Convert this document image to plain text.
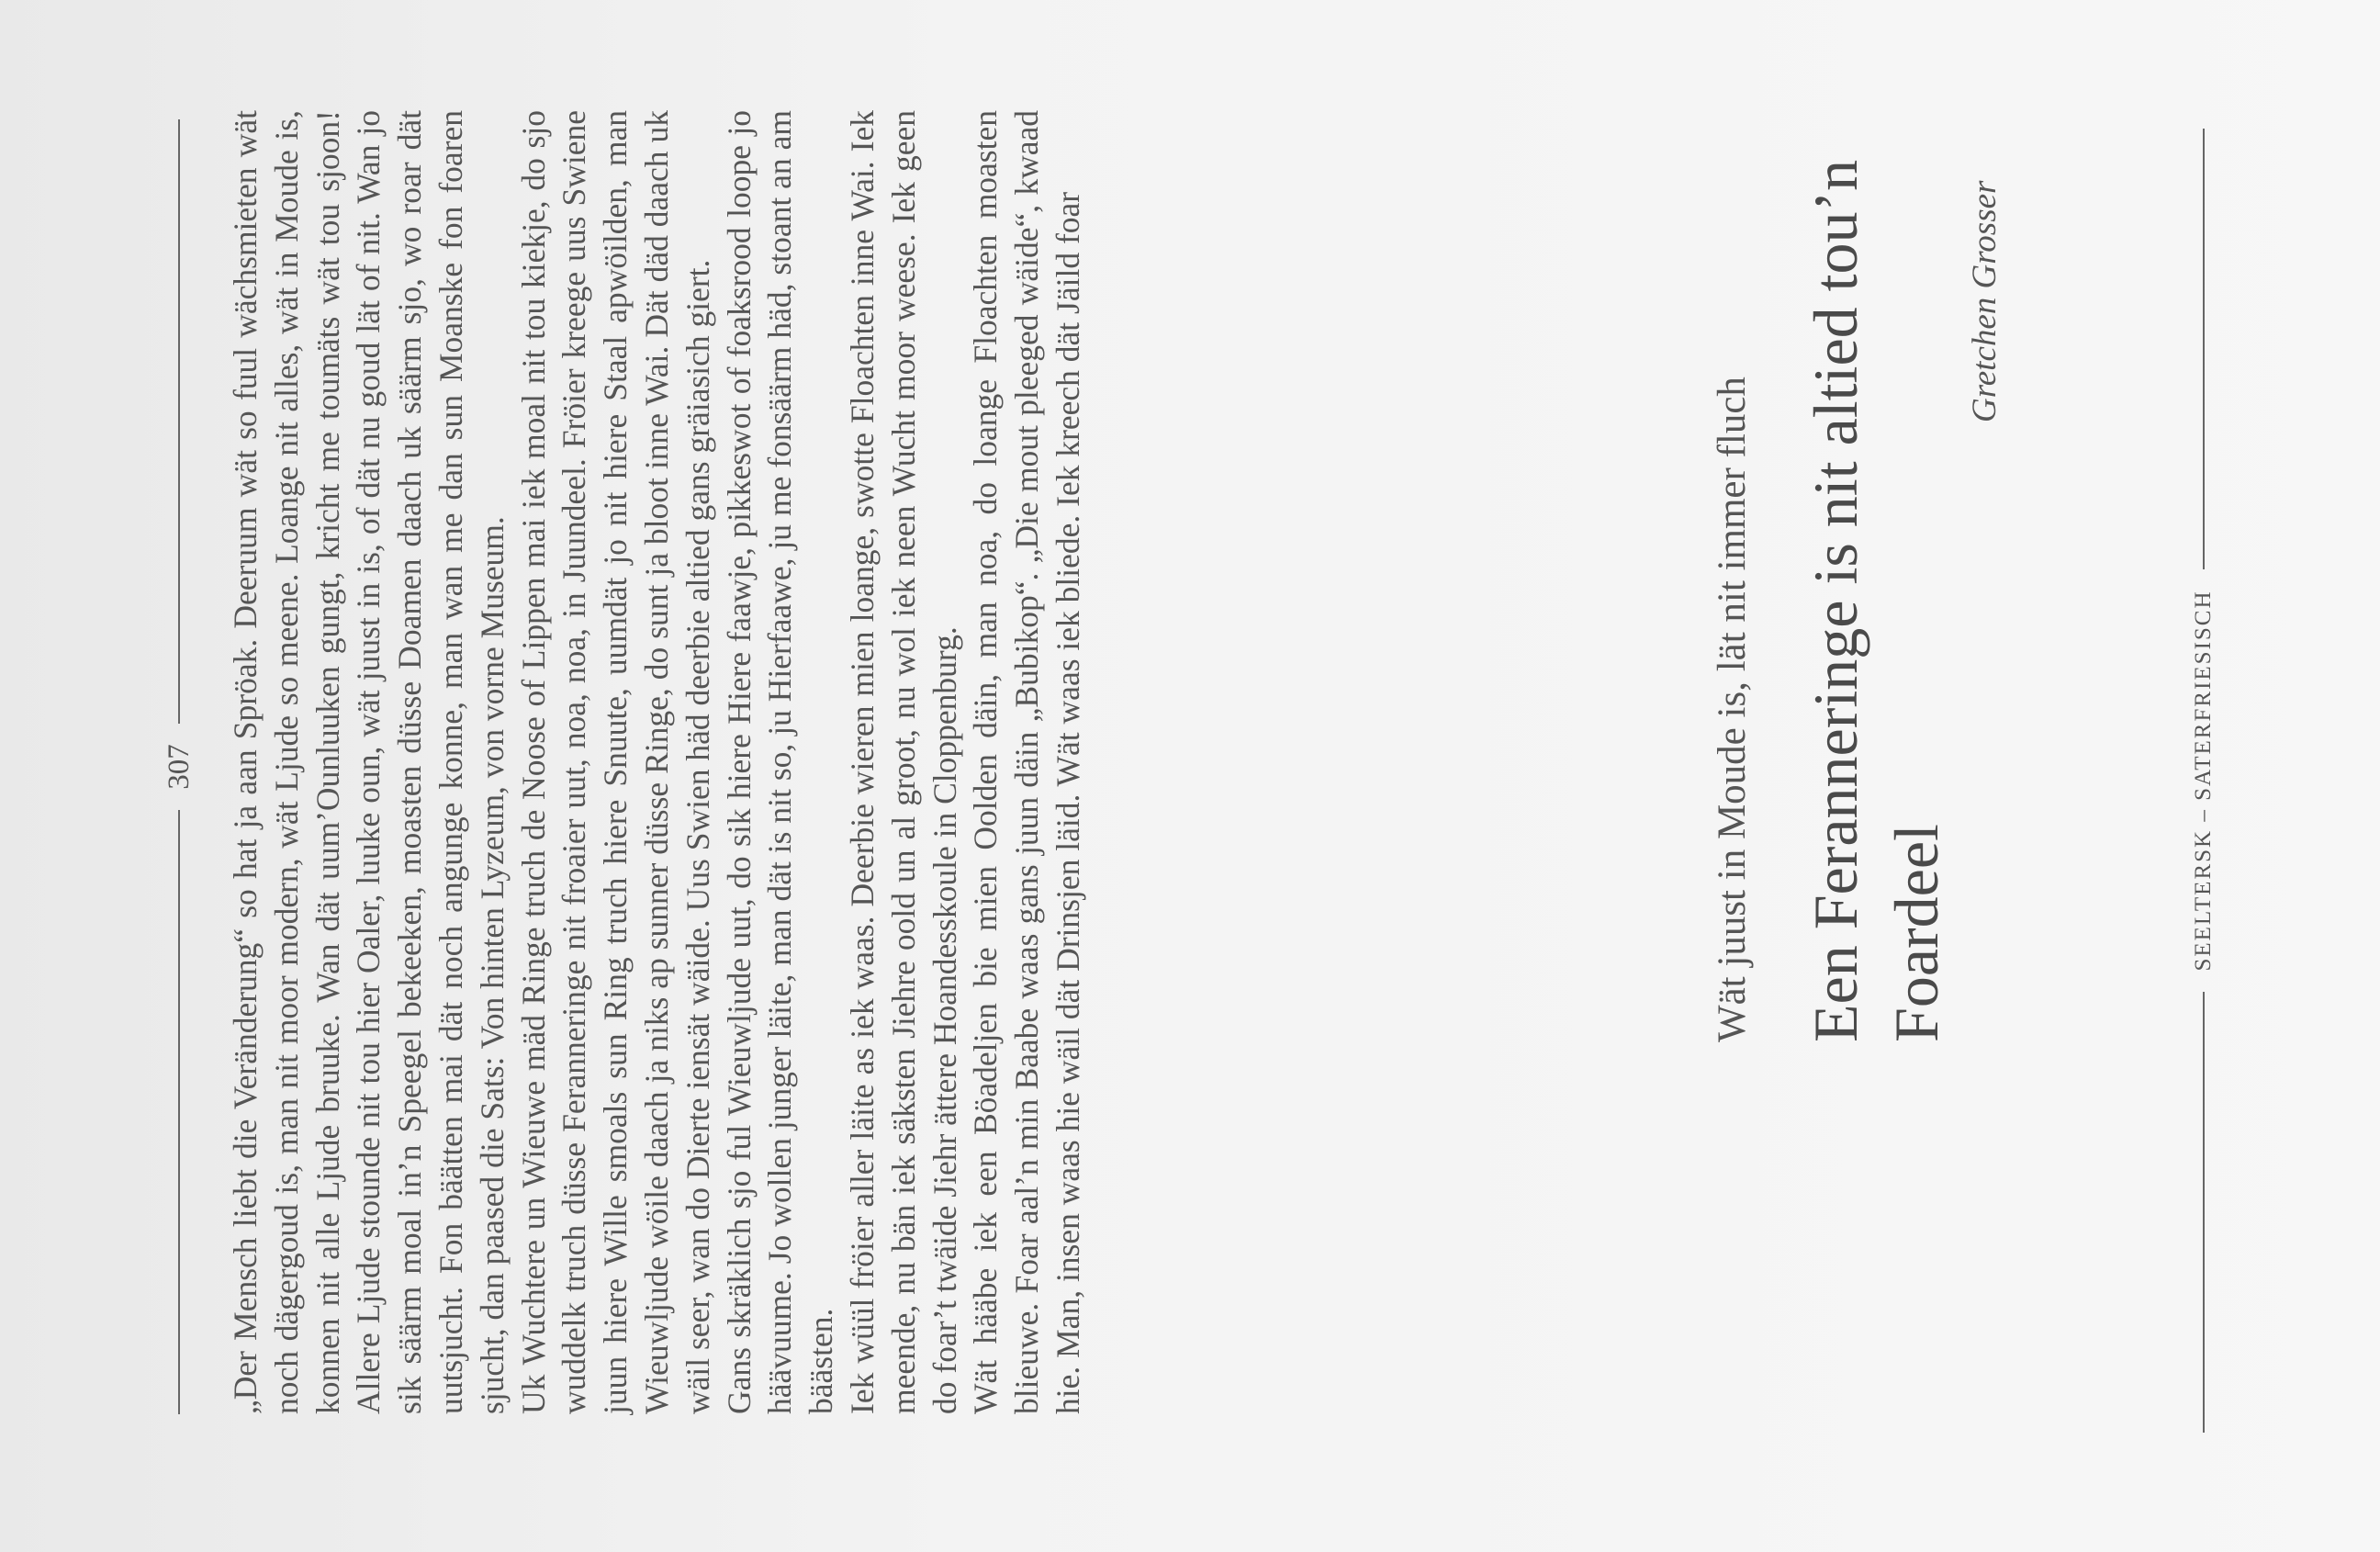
SEELTERSK – SATERFRIESISCH
Gretchen Grosser
Een Feranneringe is nit altied tou’n Foardeel
Wät juust in Moude is, lät nit immer fluch

„Der Mensch liebt die Veränderung“ so hat ja aan Spröak. Deeruum wät so fuul wächsmieten wät noch dägergoud is, man nit moor modern, wät Ljude so meene. Loange nit alles, wät in Moude is, konnen nit alle Ljude bruuke. Wan dät uum’Ounluuken gungt, kricht me toumäts wät tou sjoon! Allere Ljude stounde nit tou hier Oaler, luuke oun, wät juust in is, of dät nu goud lät of nit. Wan jo sik säärm moal in’n Speegel bekeeken, moasten düsse Doamen daach uk säärm sjo, wo roar dät uutsjucht. Fon bäätten mai dät noch angunge konne, man wan me dan sun Moanske fon foaren sjucht, dan paased die Sats: Von hinten Lyzeum, von vorne Museum. Uk Wuchtere un Wieuwe mäd Ringe truch de Noose of Lippen mai iek moal nit tou kiekje, do sjo wuddelk truch düsse Feranneringe nit froaier uut, noa, noa, in Juundeel. Fröier kreege uus Swiene juun hiere Wille smoals sun Ring truch hiere Snuute, uumdät jo nit hiere Staal apwöilden, man Wieuwljude wöile daach ja niks ap sunner düsse Ringe, do sunt ja bloot inne Wai. Dät däd daach uk wäil seer, wan do Dierte iensät wäide. Uus Swien häd deerbie altied gans gräiasich giert. Gans skräklich sjo ful Wieuwljude uut, do sik hiere Hiere faawje, pikkeswot of foaksrood loope jo häävuume. Jo wollen junger läite, man dät is nit so, ju Hierfaawe, ju me fonsäärm häd, stoant an am bäästen. Iek wüül fröier aller läite as iek waas. Deerbie wieren mien loange, swotte Floachten inne Wai. Iek meende, nu bän iek säksten Jiehre oold un al groot, nu wol iek neen Wucht moor weese. Iek geen do foar’t twäide Jiehr ättere Hoandesskoule in Cloppenburg. Wät hääbe iek een Böadeljen bie mien Oolden däin, man noa, do loange Floachten moasten blieuwe. Foar aal’n min Baabe waas gans juun däin „Bubikop“. „Die mout pleeged wäide“, kwaad hie. Man, insen waas hie wäil dät Drinsjen läid. Wät waas iek bliede. Iek kreech dät Jäild foar

307
